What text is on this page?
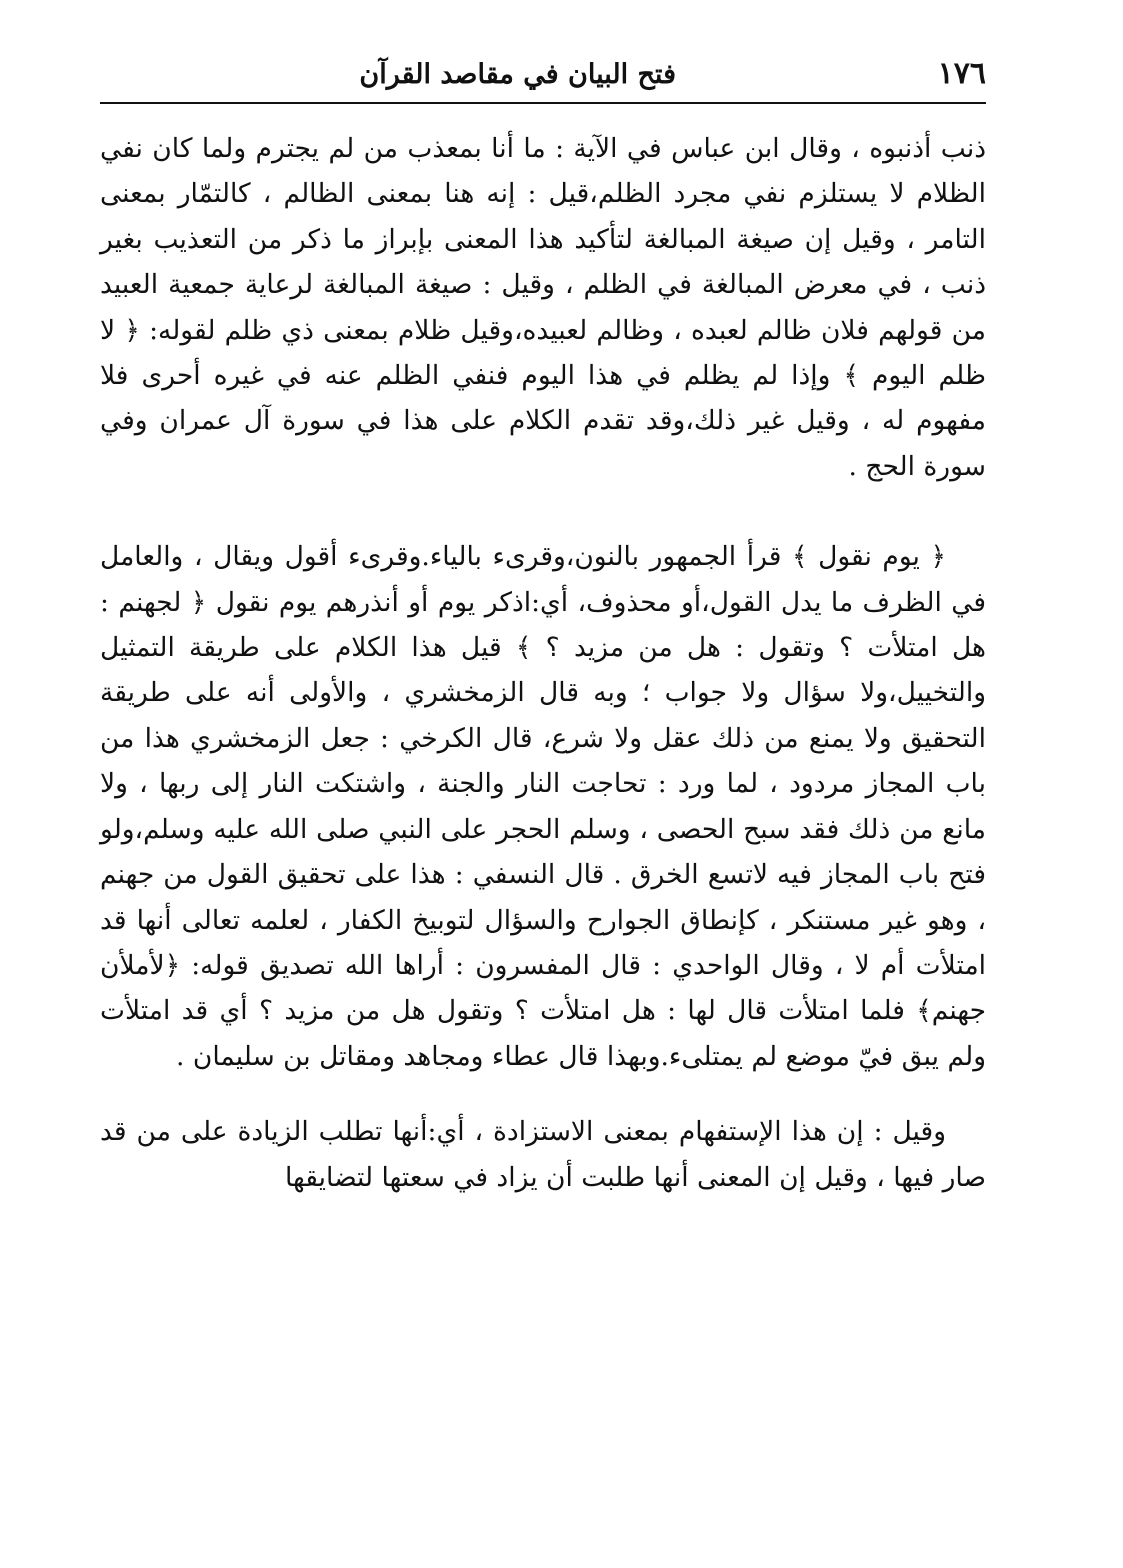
١٧٦
فتح البيان في مقاصد القرآن

ذنب أذنبوه ، وقال ابن عباس في الآية : ما أنا بمعذب من لم يجترم ولما كان نفي الظلام لا يستلزم نفي مجرد الظلم،قيل : إنه هنا بمعنى الظالم ، كالتمّار بمعنى التامر ، وقيل إن صيغة المبالغة لتأكيد هذا المعنى بإبراز ما ذكر من التعذيب بغير ذنب ، في معرض المبالغة في الظلم ، وقيل : صيغة المبالغة لرعاية جمعية العبيد من قولهم فلان ظالم لعبده ، وظالم لعبيده،وقيل ظلام بمعنى ذي ظلم لقوله: ﴿ لا ظلم اليوم ﴾ وإذا لم يظلم في هذا اليوم فنفي الظلم عنه في غيره أحرى فلا مفهوم له ، وقيل غير ذلك،وقد تقدم الكلام على هذا في سورة آل عمران وفي سورة الحج .

﴿ يوم نقول ﴾ قرأ الجمهور بالنون،وقرىء بالياء.وقرىء أقول ويقال ، والعامل في الظرف ما يدل القول،أو محذوف، أي:اذكر يوم أو أنذرهم يوم نقول ﴿ لجهنم : هل امتلأت ؟ وتقول : هل من مزيد ؟ ﴾ قيل هذا الكلام على طريقة التمثيل والتخييل،ولا سؤال ولا جواب ؛ وبه قال الزمخشري ، والأولى أنه على طريقة التحقيق ولا يمنع من ذلك عقل ولا شرع، قال الكرخي : جعل الزمخشري هذا من باب المجاز مردود ، لما ورد : تحاجت النار والجنة ، واشتكت النار إلى ربها ، ولا مانع من ذلك فقد سبح الحصى ، وسلم الحجر على النبي صلى الله عليه وسلم،ولو فتح باب المجاز فيه لاتسع الخرق . قال النسفي : هذا على تحقيق القول من جهنم ، وهو غير مستنكر ، كإنطاق الجوارح والسؤال لتوبيخ الكفار ، لعلمه تعالى أنها قد امتلأت أم لا ، وقال الواحدي : قال المفسرون : أراها الله تصديق قوله: ﴿لأملأن جهنم﴾ فلما امتلأت قال لها : هل امتلأت ؟ وتقول هل من مزيد ؟ أي قد امتلأت ولم يبق فيّ موضع لم يمتلىء.وبهذا قال عطاء ومجاهد ومقاتل بن سليمان .

وقيل : إن هذا الإستفهام بمعنى الاستزادة ، أي:أنها تطلب الزيادة على من قد صار فيها ، وقيل إن المعنى أنها طلبت أن يزاد في سعتها لتضايقها
